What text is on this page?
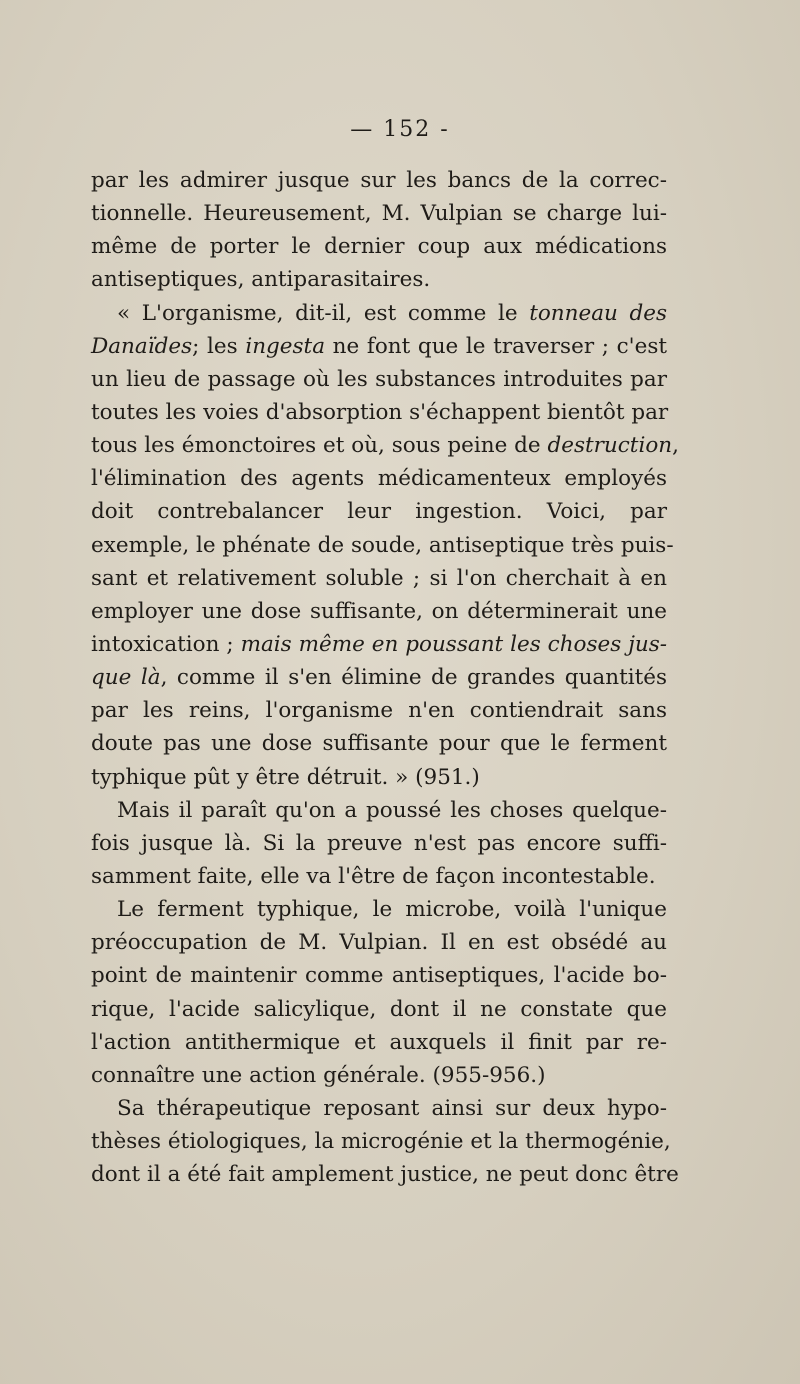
— 152 -
par les admirer jusque sur les bancs de la correc-
tionnelle. Heureusement, M. Vulpian se charge lui-
même de porter le dernier coup aux médications
antiseptiques, antiparasitaires.
« L'organisme, dit-il, est comme le tonneau des
Danaïdes; les ingesta ne font que le traverser ; c'est
un lieu de passage où les substances introduites par
toutes les voies d'absorption s'échappent bientôt par
tous les émonctoires et où, sous peine de destruction,
l'élimination des agents médicamenteux employés
doit contrebalancer leur ingestion. Voici, par
exemple, le phénate de soude, antiseptique très puis-
sant et relativement soluble ; si l'on cherchait à en
employer une dose suffisante, on déterminerait une
intoxication ; mais même en poussant les choses jus-
que là, comme il s'en élimine de grandes quantités
par les reins, l'organisme n'en contiendrait sans
doute pas une dose suffisante pour que le ferment
typhique pût y être détruit. » (951.)
Mais il paraît qu'on a poussé les choses quelque-
fois jusque là. Si la preuve n'est pas encore suffi-
samment faite, elle va l'être de façon incontestable.
Le ferment typhique, le microbe, voilà l'unique
préoccupation de M. Vulpian. Il en est obsédé au
point de maintenir comme antiseptiques, l'acide bo-
rique, l'acide salicylique, dont il ne constate que
l'action antithermique et auxquels il finit par re-
connaître une action générale. (955-956.)
Sa thérapeutique reposant ainsi sur deux hypo-
thèses étiologiques, la microgénie et la thermogénie,
dont il a été fait amplement justice, ne peut donc être
